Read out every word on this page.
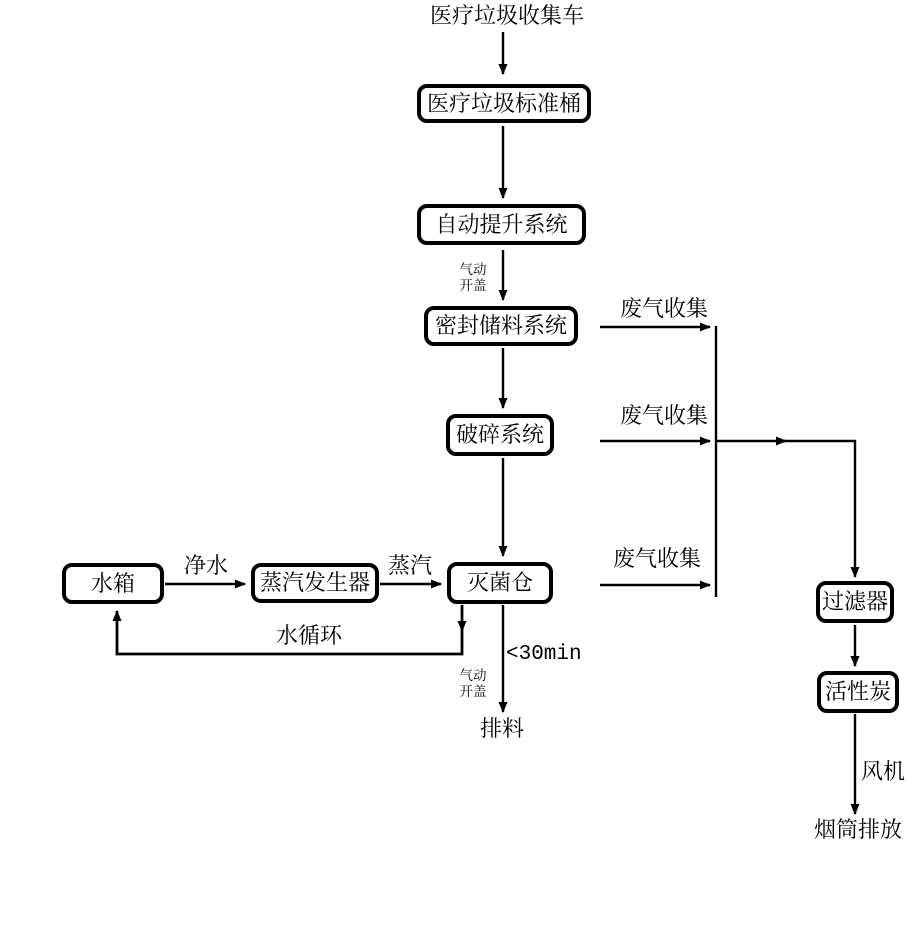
医疗垃圾收集车
医疗垃圾标准桶
自动提升系统
密封储料系统
破碎系统
灭菌仓
水箱	蒸汽发生器
过滤器
活性炭
气动
开盖
气动
开盖
净水	蒸汽
水循环
<30min
废气收集
废气收集
废气收集
风机
排料
烟筒排放
